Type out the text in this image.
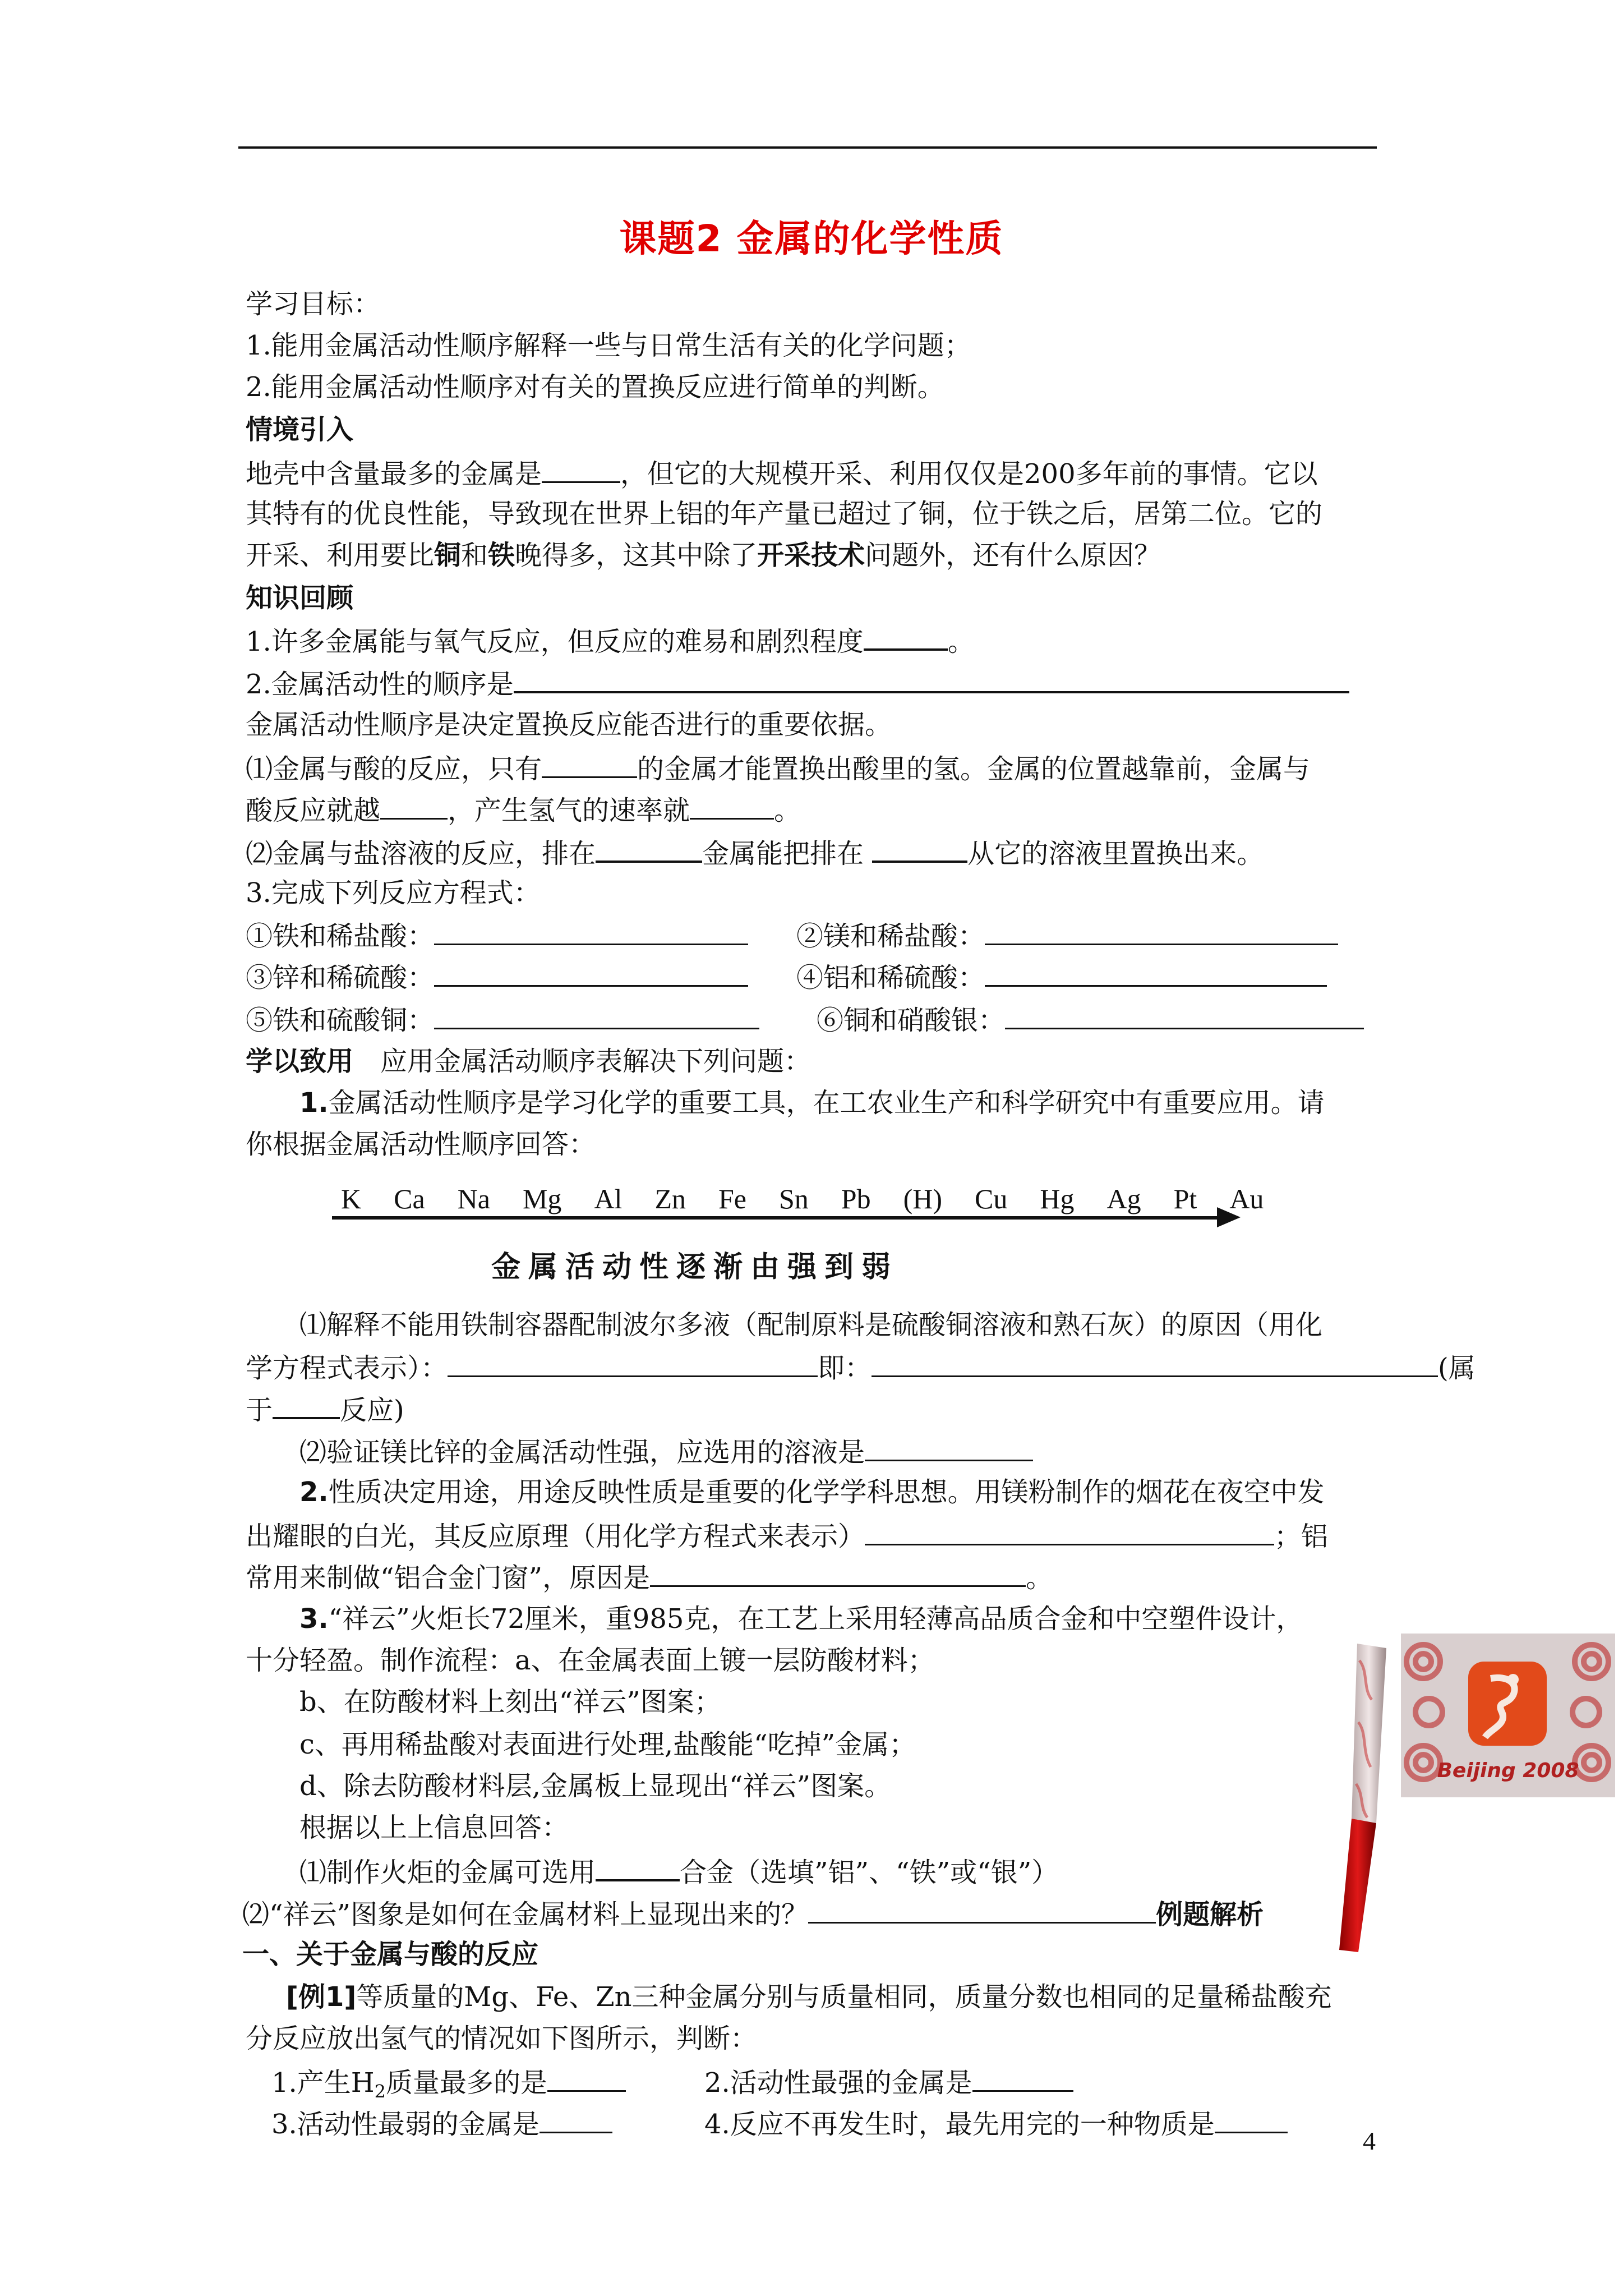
课题2 金属的化学性质
学习目标：
1.能用金属活动性顺序解释一些与日常生活有关的化学问题；
2.能用金属活动性顺序对有关的置换反应进行简单的判断。
情境引入
地壳中含量最多的金属是	，但它的大规模开采、利用仅仅是200多年前的事情。它以
其特有的优良性能，导致现在世界上铝的年产量已超过了铜，位于铁之后，居第二位。它的
开采、利用要比铜和铁晚得多，这其中除了开采技术问题外，还有什么原因？
知识回顾
1.许多金属能与氧气反应，但反应的难易和剧烈程度	。
2.金属活动性的顺序是
金属活动性顺序是决定置换反应能否进行的重要依据。
⑴金属与酸的反应，只有	的金属才能置换出酸里的氢。金属的位置越靠前，金属与
酸反应就越	，产生氢气的速率就	。
⑵金属与盐溶液的反应，排在	金属能把排在	从它的溶液里置换出来。
3.完成下列反应方程式：
①铁和稀盐酸：	②镁和稀盐酸：
③锌和稀硫酸：	④铝和稀硫酸：
⑤铁和硫酸铜：	⑥铜和硝酸银：
学以致用 应用金属活动顺序表解决下列问题：
1.金属活动性顺序是学习化学的重要工具，在工农业生产和科学研究中有重要应用。请
你根据金属活动性顺序回答：
K Ca Na Mg Al Zn Fe Sn Pb (H) Cu Hg Ag Pt Au
金属活动性逐渐由强到弱
⑴解释不能用铁制容器配制波尔多液（配制原料是硫酸铜溶液和熟石灰）的原因（用化
学方程式表示）：	即：	(属
于	反应)
⑵验证镁比锌的金属活动性强，应选用的溶液是
2.性质决定用途，用途反映性质是重要的化学学科思想。用镁粉制作的烟花在夜空中发
出耀眼的白光，其反应原理（用化学方程式来表示）	；铝
常用来制做“铝合金门窗”，原因是	。
3.“祥云”火炬长72厘米，重985克，在工艺上采用轻薄高品质合金和中空塑件设计，
十分轻盈。制作流程：a、在金属表面上镀一层防酸材料；
b、在防酸材料上刻出“祥云”图案；
c、再用稀盐酸对表面进行处理,盐酸能“吃掉”金属；
d、除去防酸材料层,金属板上显现出“祥云”图案。
根据以上上信息回答：
⑴制作火炬的金属可选用	合金（选填”铝”、“铁”或“银”）
⑵“祥云”图象是如何在金属材料上显现出来的？	例题解析
一、关于金属与酸的反应
[例1]等质量的Mg、Fe、Zn三种金属分别与质量相同，质量分数也相同的足量稀盐酸充
分反应放出氢气的情况如下图所示，判断：
1.产生$H_2$质量最多的是	2.活动性最强的金属是
3.活动性最弱的金属是	4.反应不再发生时，最先用完的一种物质是
Beijing 2008
4
